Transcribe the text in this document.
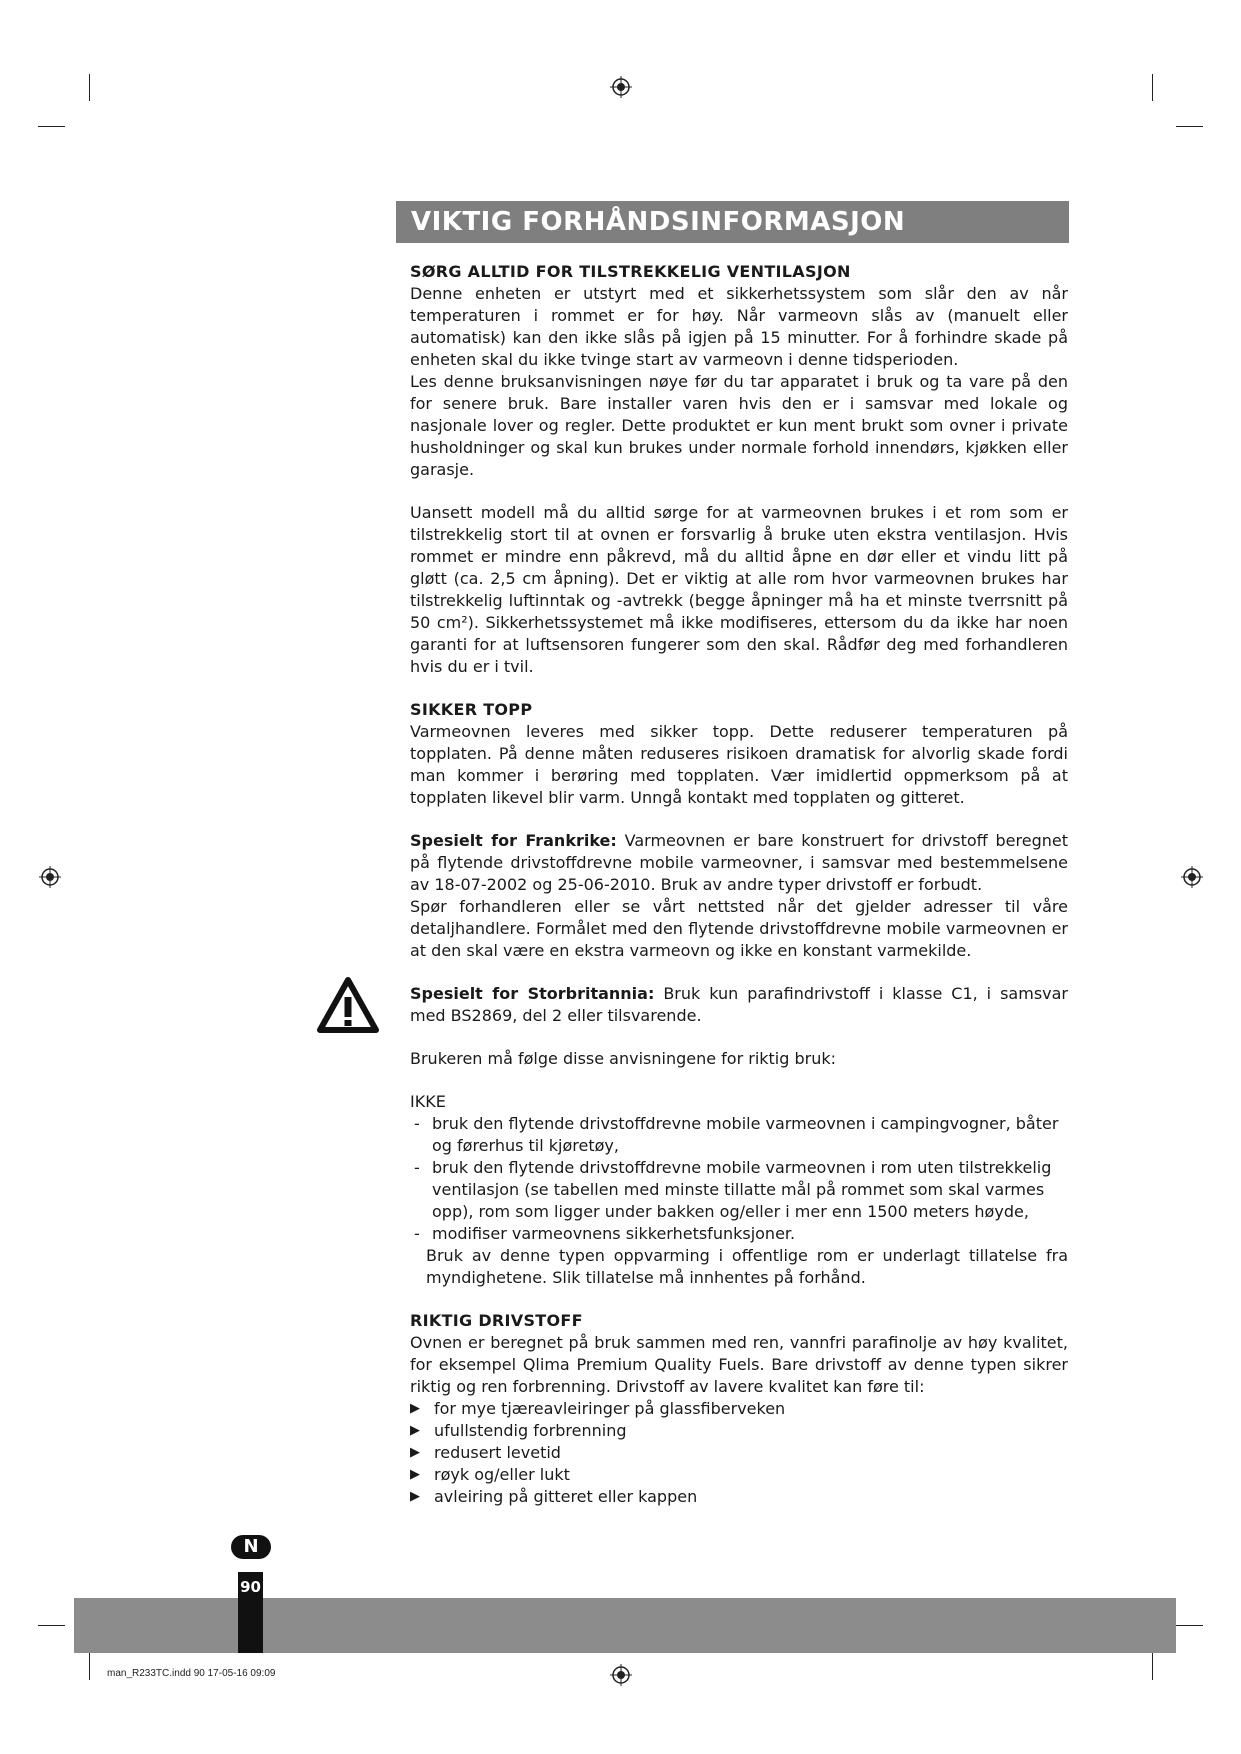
VIKTIG FORHÅNDSINFORMASJON
SØRG ALLTID FOR TILSTREKKELIG VENTILASJON

Denne enheten er utstyrt med et sikkerhetssystem som slår den av når temperaturen i rommet er for høy. Når varmeovn slås av (manuelt eller automatisk) kan den ikke slås på igjen på 15 minutter. For å forhindre skade på enheten skal du ikke tvinge start av varmeovn i denne tidsperioden.

Les denne bruksanvisningen nøye før du tar apparatet i bruk og ta vare på den for senere bruk. Bare installer varen hvis den er i samsvar med lokale og nasjonale lover og regler. Dette produktet er kun ment brukt som ovner i private husholdninger og skal kun brukes under normale forhold innendørs, kjøkken eller garasje.

Uansett modell må du alltid sørge for at varmeovnen brukes i et rom som er tilstrekkelig stort til at ovnen er forsvarlig å bruke uten ekstra ventilasjon. Hvis rommet er mindre enn påkrevd, må du alltid åpne en dør eller et vindu litt på gløtt (ca. 2,5 cm åpning). Det er viktig at alle rom hvor varmeovnen brukes har tilstrekkelig luftinntak og -avtrekk (begge åpninger må ha et minste tverrsnitt på 50 cm²). Sikkerhetssystemet må ikke modifiseres, ettersom du da ikke har noen garanti for at luftsensoren fungerer som den skal. Rådfør deg med forhandleren hvis du er i tvil.

SIKKER TOPP

Varmeovnen leveres med sikker topp. Dette reduserer temperaturen på topplaten. På denne måten reduseres risikoen dramatisk for alvorlig skade fordi man kommer i berøring med topplaten. Vær imidlertid oppmerksom på at topplaten likevel blir varm. Unngå kontakt med topplaten og gitteret.

Spesielt for Frankrike: Varmeovnen er bare konstruert for drivstoff beregnet på flytende drivstoffdrevne mobile varmeovner, i samsvar med bestemmelsene av 18-07-2002 og 25-06-2010. Bruk av andre typer drivstoff er forbudt.

Spør forhandleren eller se vårt nettsted når det gjelder adresser til våre detaljhandlere. Formålet med den flytende drivstoffdrevne mobile varmeovnen er at den skal være en ekstra varmeovn og ikke en konstant varmekilde.

Spesielt for Storbritannia: Bruk kun parafindrivstoff i klasse C1, i samsvar med BS2869, del 2 eller tilsvarende.

Brukeren må følge disse anvisningene for riktig bruk:

IKKE

- bruk den flytende drivstoffdrevne mobile varmeovnen i campingvogner, båter og førerhus til kjøretøy,
- bruk den flytende drivstoffdrevne mobile varmeovnen i rom uten tilstrekkelig ventilasjon (se tabellen med minste tillatte mål på rommet som skal varmes opp), rom som ligger under bakken og/eller i mer enn 1500 meters høyde,
- modifiser varmeovnens sikkerhetsfunksjoner.

Bruk av denne typen oppvarming i offentlige rom er underlagt tillatelse fra myndighetene. Slik tillatelse må innhentes på forhånd.

RIKTIG DRIVSTOFF

Ovnen er beregnet på bruk sammen med ren, vannfri parafinolje av høy kvalitet, for eksempel Qlima Premium Quality Fuels. Bare drivstoff av denne typen sikrer riktig og ren forbrenning. Drivstoff av lavere kvalitet kan føre til:

▶ for mye tjæreavleiringer på glassfiberveken
▶ ufullstendig forbrenning
▶ redusert levetid
▶ røyk og/eller lukt
▶ avleiring på gitteret eller kappen
N
90
man_R233TC.indd 90 17-05-16 09:09
